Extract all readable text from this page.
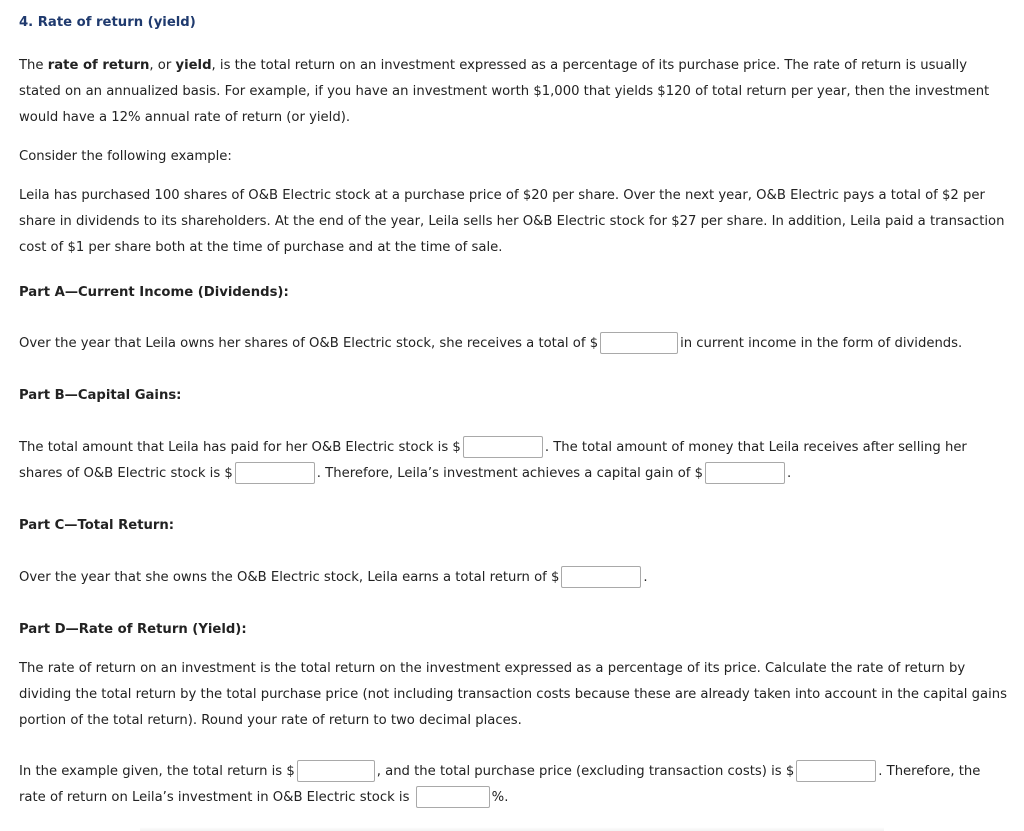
4. Rate of return (yield)

The rate of return, or yield, is the total return on an investment expressed as a percentage of its purchase price. The rate of return is usually stated on an annualized basis. For example, if you have an investment worth $1,000 that yields $120 of total return per year, then the investment would have a 12% annual rate of return (or yield).

Consider the following example:

Leila has purchased 100 shares of O&B Electric stock at a purchase price of $20 per share. Over the next year, O&B Electric pays a total of $2 per share in dividends to its shareholders. At the end of the year, Leila sells her O&B Electric stock for $27 per share. In addition, Leila paid a transaction cost of $1 per share both at the time of purchase and at the time of sale.

Part A—Current Income (Dividends):

Over the year that Leila owns her shares of O&B Electric stock, she receives a total of $	in current income in the form of dividends.

Part B—Capital Gains:

The total amount that Leila has paid for her O&B Electric stock is $	. The total amount of money that Leila receives after selling her shares of O&B Electric stock is $	. Therefore, Leila’s investment achieves a capital gain of $	.

Part C—Total Return:

Over the year that she owns the O&B Electric stock, Leila earns a total return of $	.

Part D—Rate of Return (Yield):

The rate of return on an investment is the total return on the investment expressed as a percentage of its price. Calculate the rate of return by dividing the total return by the total purchase price (not including transaction costs because these are already taken into account in the capital gains portion of the total return). Round your rate of return to two decimal places.

In the example given, the total return is $	, and the total purchase price (excluding transaction costs) is $	. Therefore, the rate of return on Leila’s investment in O&B Electric stock is	%.
